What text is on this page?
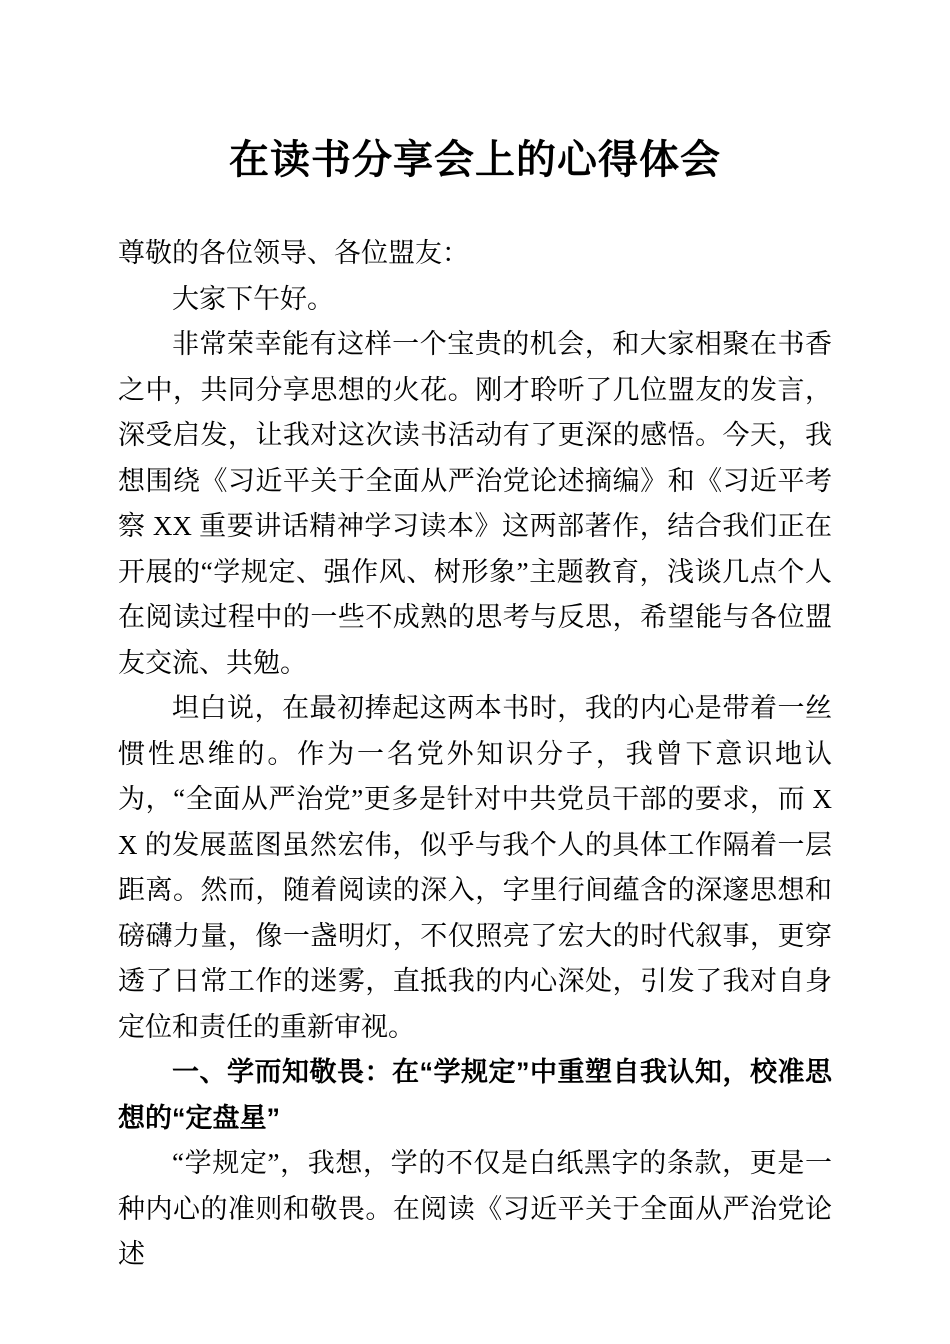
在读书分享会上的心得体会

尊敬的各位领导、各位盟友：

大家下午好。

非常荣幸能有这样一个宝贵的机会，和大家相聚在书香之中，共同分享思想的火花。刚才聆听了几位盟友的发言，深受启发，让我对这次读书活动有了更深的感悟。今天，我想围绕《习近平关于全面从严治党论述摘编》和《习近平考察 XX 重要讲话精神学习读本》这两部著作，结合我们正在开展的“学规定、强作风、树形象”主题教育，浅谈几点个人在阅读过程中的一些不成熟的思考与反思，希望能与各位盟友交流、共勉。

坦白说，在最初捧起这两本书时，我的内心是带着一丝惯性思维的。作为一名党外知识分子，我曾下意识地认为，“全面从严治党”更多是针对中共党员干部的要求，而 XX 的发展蓝图虽然宏伟，似乎与我个人的具体工作隔着一层距离。然而，随着阅读的深入，字里行间蕴含的深邃思想和磅礴力量，像一盏明灯，不仅照亮了宏大的时代叙事，更穿透了日常工作的迷雾，直抵我的内心深处，引发了我对自身定位和责任的重新审视。

一、学而知敬畏：在“学规定”中重塑自我认知，校准思想的“定盘星”

“学规定”，我想，学的不仅是白纸黑字的条款，更是一种内心的准则和敬畏。在阅读《习近平关于全面从严治党论述
